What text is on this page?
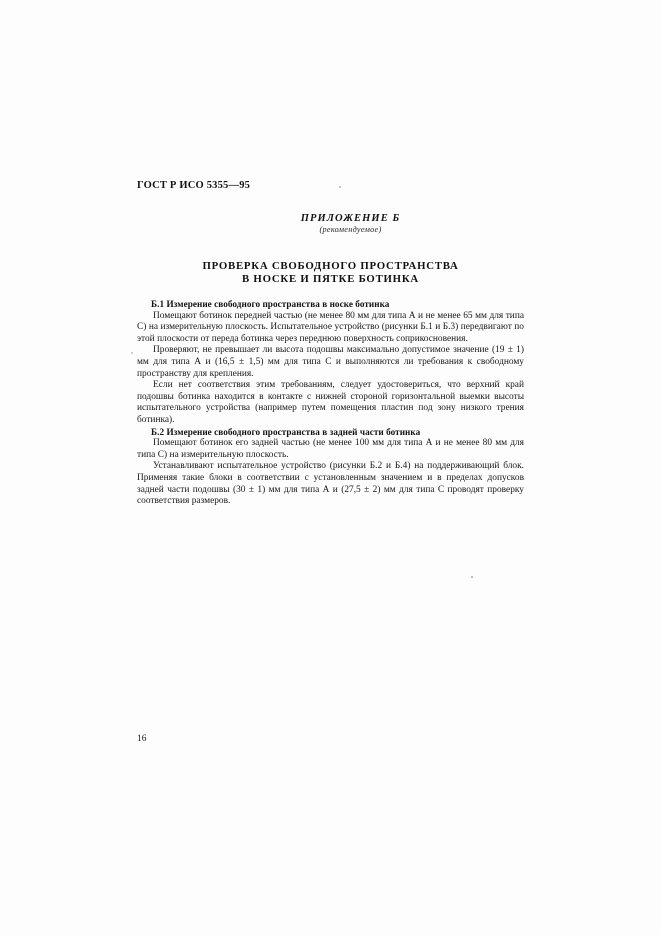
ГОСТ Р ИСО 5355—95
ПРИЛОЖЕНИЕ Б
(рекомендуемое)
ПРОВЕРКА СВОБОДНОГО ПРОСТРАНСТВА
В НОСКЕ И ПЯТКЕ БОТИНКА
Б.1 Измерение свободного пространства в носке ботинка

Помещают ботинок передней частью (не менее 80 мм для типа А и не менее 65 мм для типа С) на измерительную плоскость. Испытательное устройство (рисунки Б.1 и Б.3) передвигают по этой плоскости от переда ботинка через переднюю поверхность соприкосновения.

Проверяют, не превышает ли высота подошвы максимально допустимое значение (19 ± 1) мм для типа А и (16,5 ± 1,5) мм для типа С и выполняются ли требования к свободному пространству для крепления.

Если нет соответствия этим требованиям, следует удостовериться, что верхний край подошвы ботинка находится в контакте с нижней стороной горизонтальной выемки высоты испытательного устройства (например путем помещения пластин под зону низкого трения ботинка).

Б.2 Измерение свободного пространства в задней части ботинка

Помещают ботинок его задней частью (не менее 100 мм для типа А и не менее 80 мм для типа С) на измерительную плоскость.

Устанавливают испытательное устройство (рисунки Б.2 и Б.4) на поддерживающий блок. Применяя такие блоки в соответствии с установленным значением и в пределах допусков задней части подошвы (30 ± 1) мм для типа А и (27,5 ± 2) мм для типа С проводят проверку соответствия размеров.

16
